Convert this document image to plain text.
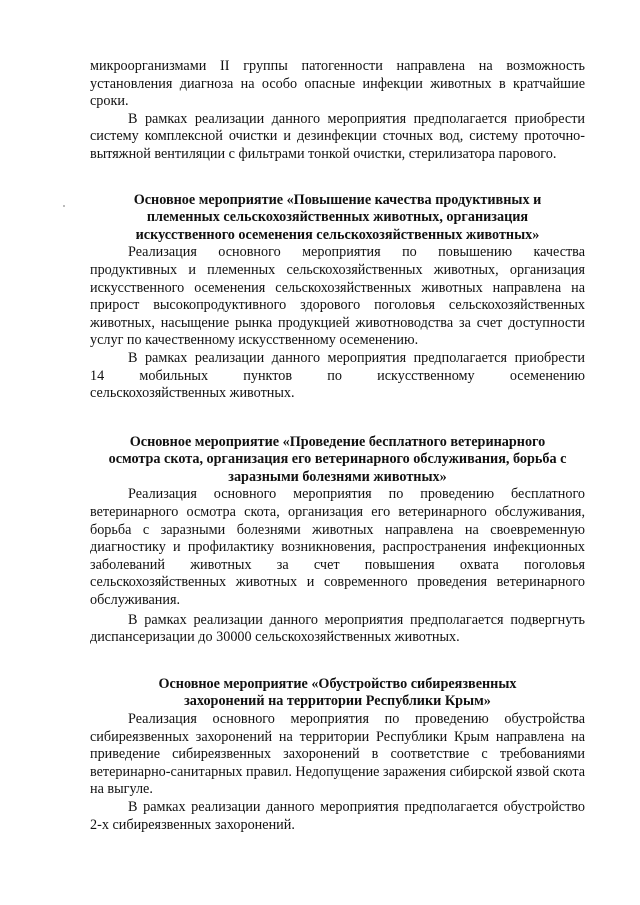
микроорганизмами II группы патогенности направлена на возможность

установления диагноза на особо опасные инфекции животных в кратчайшие

сроки.

В рамках реализации данного мероприятия предполагается приобрести систему комплексной очистки и дезинфекции сточных вод, систему проточно-вытяжной вентиляции с фильтрами тонкой очистки, стерилизатора парового.

Основное мероприятие «Повышение качества продуктивных и
племенных сельскохозяйственных животных, организация
искусственного осеменения сельскохозяйственных животных»

Реализация основного мероприятия по повышению качества продуктивных и племенных сельскохозяйственных животных, организация искусственного осеменения сельскохозяйственных животных направлена на прирост высокопродуктивного здорового поголовья сельскохозяйственных животных, насыщение рынка продукцией животноводства за счет доступности услуг по качественному искусственному осеменению.

В рамках реализации данного мероприятия предполагается приобрести

14 мобильных пунктов по искусственному осеменению

сельскохозяйственных животных.

Основное мероприятие «Проведение бесплатного ветеринарного
осмотра скота, организация его ветеринарного обслуживания, борьба с
заразными болезнями животных»

Реализация основного мероприятия по проведению бесплатного ветеринарного осмотра скота, организация его ветеринарного обслуживания, борьба с заразными болезнями животных направлена на своевременную диагностику и профилактику возникновения, распространения инфекционных заболеваний животных за счет повышения охвата поголовья сельскохозяйственных животных и современного проведения ветеринарного обслуживания.

В рамках реализации данного мероприятия предполагается подвергнуть диспансеризации до 30000 сельскохозяйственных животных.

Основное мероприятие «Обустройство сибиреязвенных
захоронений на территории Республики Крым»

Реализация основного мероприятия по проведению обустройства сибиреязвенных захоронений на территории Республики Крым направлена на приведение сибиреязвенных захоронений в соответствие с требованиями ветеринарно-санитарных правил. Недопущение заражения сибирской язвой скота на выгуле.

В рамках реализации данного мероприятия предполагается обустройство 2-х сибиреязвенных захоронений.
